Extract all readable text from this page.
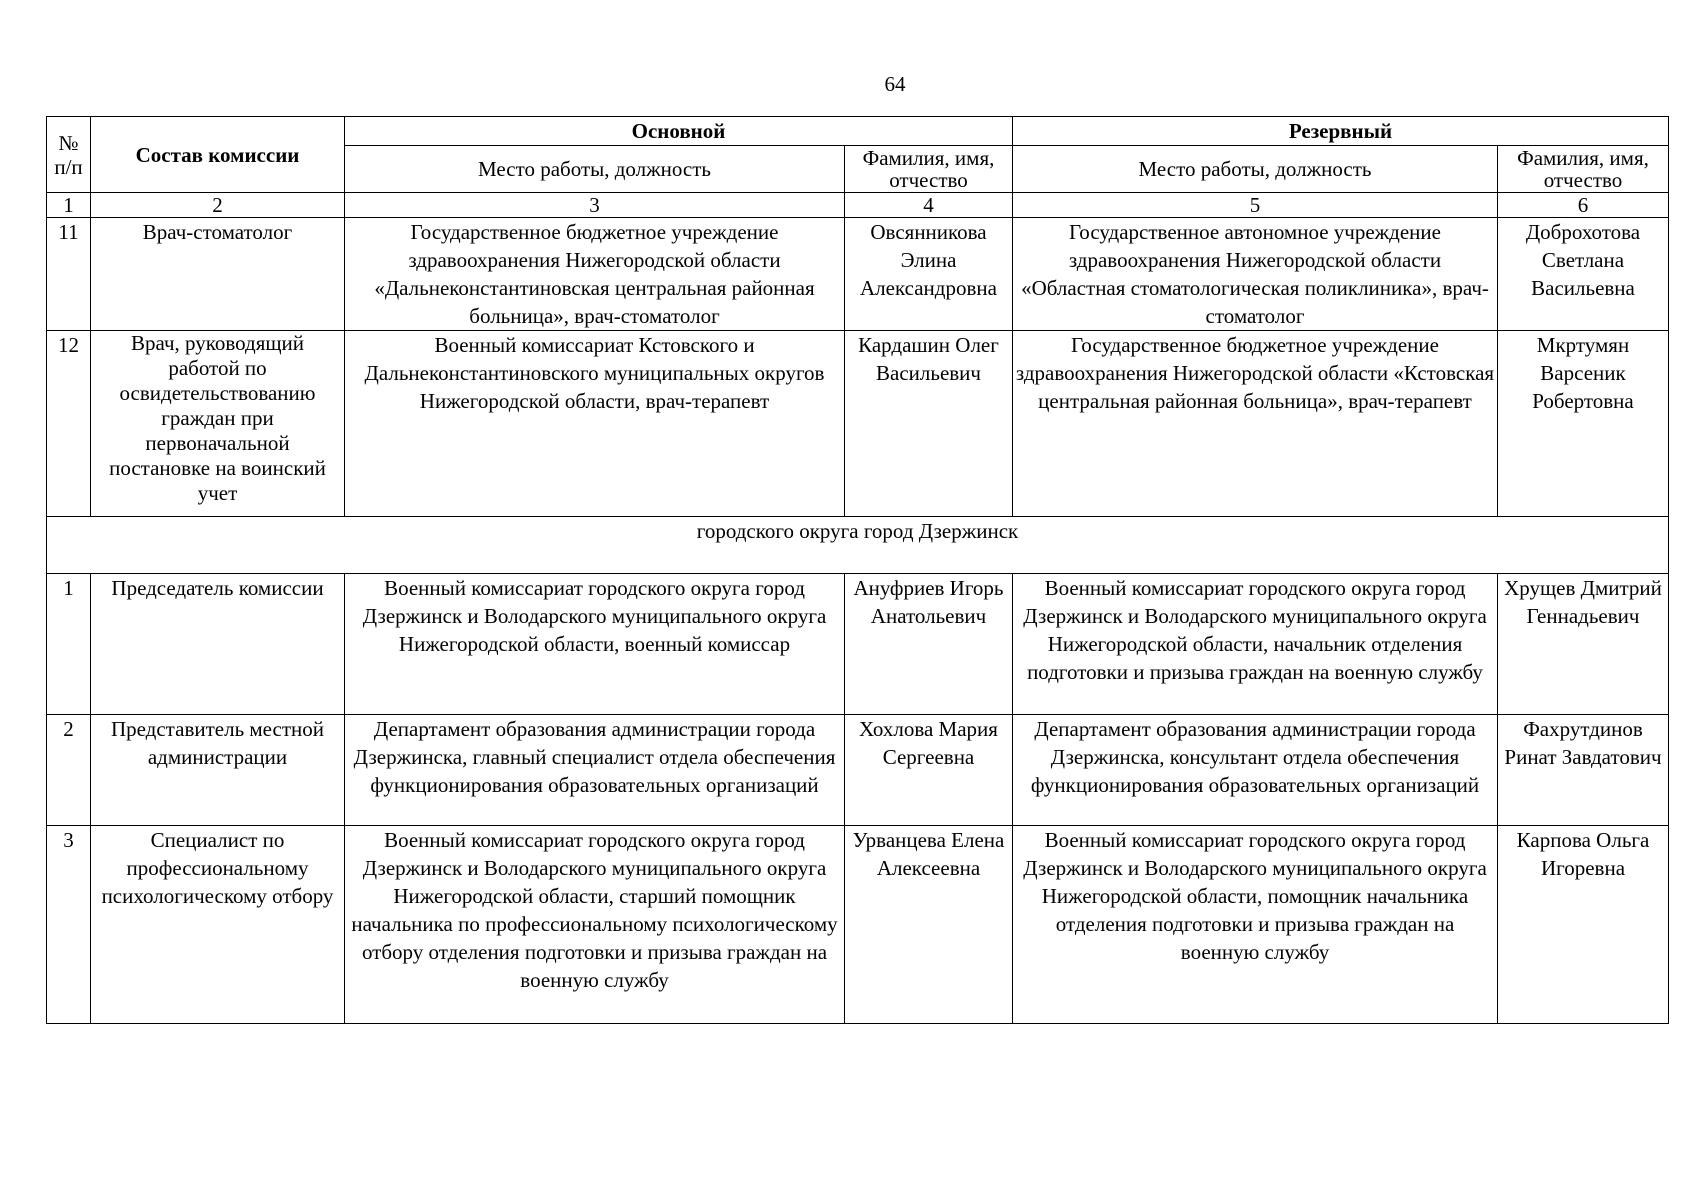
64
№ п/п	Состав комиссии	Основной		Резервный	
		Место работы, должность	Фамилия, имя, отчество	Место работы, должность	Фамилия, имя, отчество
1	2	3	4	5	6
11	Врач-стоматолог	Государственное бюджетное учреждение здравоохранения Нижегородской области «Дальнеконстантиновская центральная районная больница», врач-стоматолог	Овсянникова Элина Александровна	Государственное автономное учреждение здравоохранения Нижегородской области «Областная стоматологическая поликлиника», врач-стоматолог	Доброхотова Светлана Васильевна
12	Врач, руководящий работой по освидетельствованию граждан при первоначальной постановке на воинский учет	Военный комиссариат Кстовского и Дальнеконстантиновского муниципальных округов Нижегородской области, врач-терапевт	Кардашин Олег Васильевич	Государственное бюджетное учреждение здравоохранения Нижегородской области «Кстовская центральная районная больница», врач-терапевт	Мкртумян Варсеник Робертовна
городского округа город Дзержинск					
1	Председатель комиссии	Военный комиссариат городского округа город Дзержинск и Володарского муниципального округа Нижегородской области, военный комиссар	Ануфриев Игорь Анатольевич	Военный комиссариат городского округа город Дзержинск и Володарского муниципального округа Нижегородской области, начальник отделения подготовки и призыва граждан на военную службу	Хрущев Дмитрий Геннадьевич
2	Представитель местной администрации	Департамент образования администрации города Дзержинска, главный специалист отдела обеспечения функционирования образовательных организаций	Хохлова Мария Сергеевна	Департамент образования администрации города Дзержинска, консультант отдела обеспечения функционирования образовательных организаций	Фахрутдинов Ринат Завдатович
3	Специалист по профессиональному психологическому отбору	Военный комиссариат городского округа город Дзержинск и Володарского муниципального округа Нижегородской области, старший помощник начальника по профессиональному психологическому отбору отделения подготовки и призыва граждан на военную службу	Урванцева Елена Алексеевна	Военный комиссариат городского округа город Дзержинск и Володарского муниципального округа Нижегородской области, помощник начальника отделения подготовки и призыва граждан на военную службу	Карпова Ольга Игоревна
